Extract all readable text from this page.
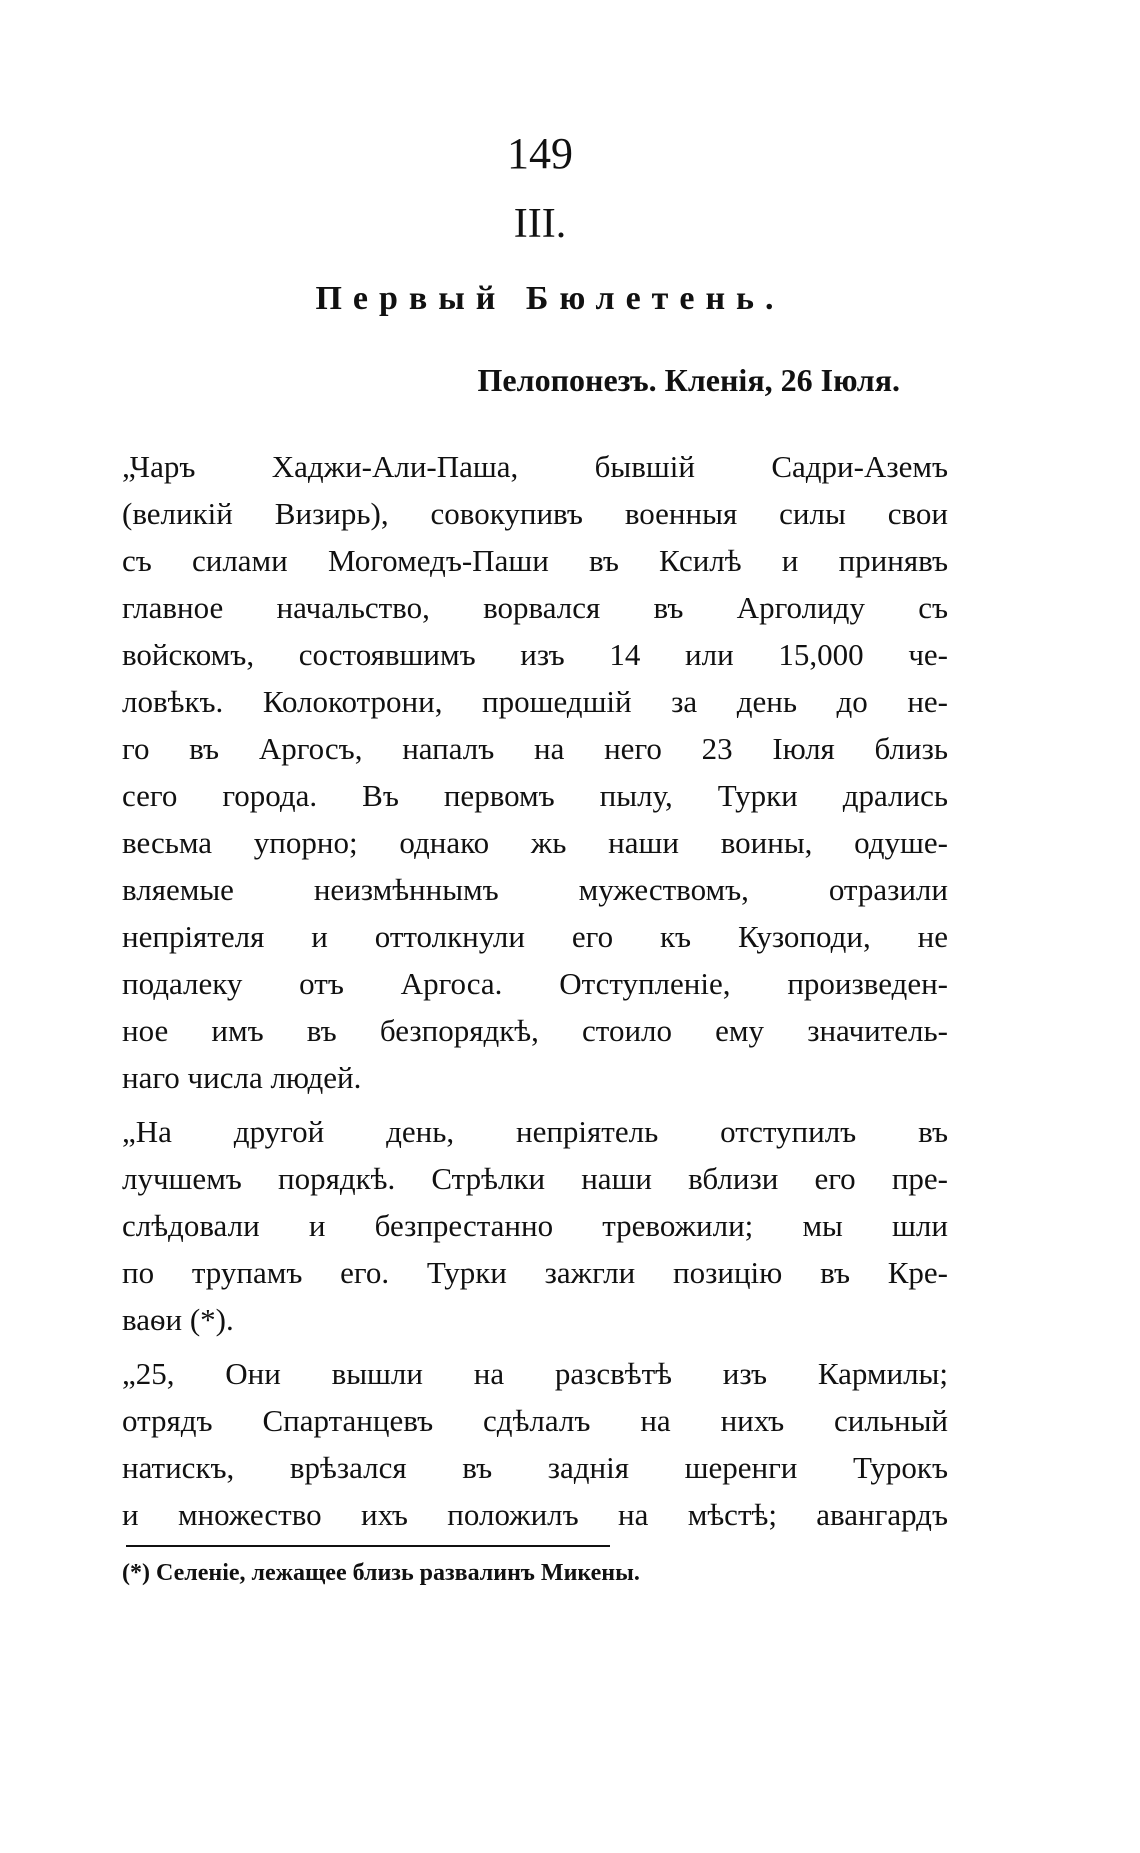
149
III.
Первый Бюлетень.
Пелопонезъ. Кленія, 26 Іюля.
„Чаръ Хаджи-Али-Паша, бывшій Садри-Аземъ
(великій Визирь), совокупивъ военныя силы свои
съ силами Могомедъ-Паши въ Ксилѣ и принявъ
главное начальство, ворвался въ Арголиду съ
войскомъ, состоявшимъ изъ 14 или 15,000 че-
ловѣкъ. Колокотрони, прошедшій за день до не-
го въ Аргосъ, напалъ на него 23 Іюля близь
сего города. Въ первомъ пылу, Турки дрались
весьма упорно; однако жь наши воины, одуше-
вляемые неизмѣннымъ мужествомъ, отразили
непріятеля и оттолкнули его къ Кузоподи, не
подалеку отъ Аргоса. Отступленіе, произведен-
ное имъ въ безпорядкѣ, стоило ему значитель-
наго числа людей.
„На другой день, непріятель отступилъ въ
лучшемъ порядкѣ. Стрѣлки наши вблизи его пре-
слѣдовали и безпрестанно тревожили; мы шли
по трупамъ его. Турки зажгли позицію въ Кре-
ваѳи (*).
„25, Они вышли на разсвѣтѣ изъ Кармилы;
отрядъ Спартанцевъ сдѣлалъ на нихъ сильный
натискъ, врѣзался въ заднія шеренги Турокъ
и множество ихъ положилъ на мѣстѣ; авангардъ
(*) Селеніе, лежащее близь развалинъ Микены.
